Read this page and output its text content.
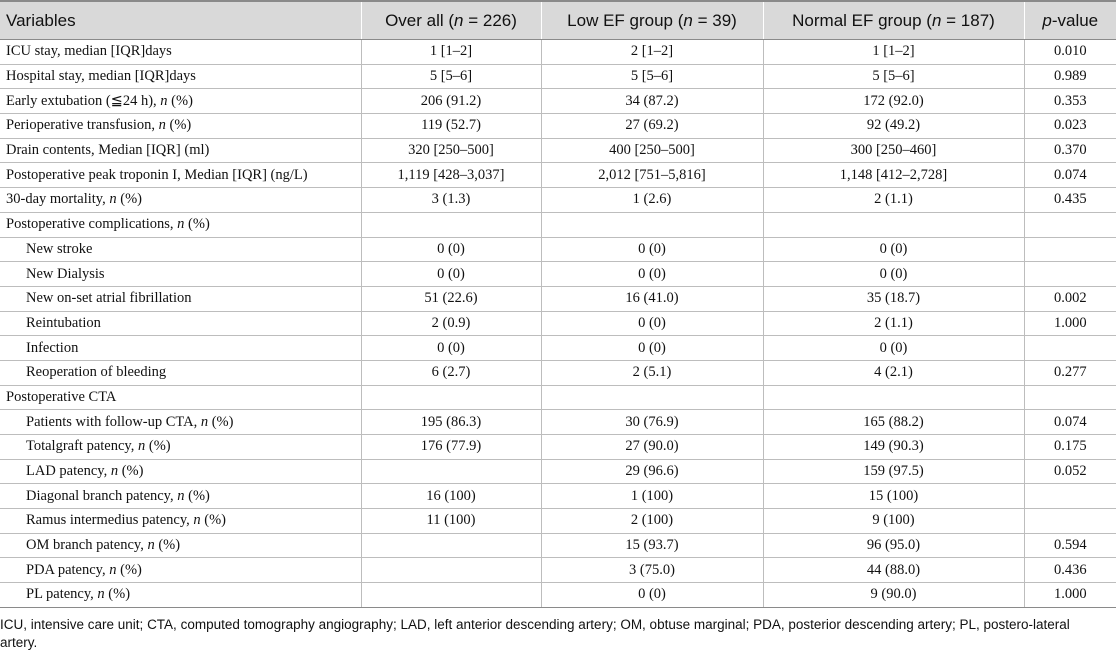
Variables	Over all (n = 226)	Low EF group (n = 39)	Normal EF group (n = 187)	p-value
ICU stay, median [IQR]days	1 [1–2]	2 [1–2]	1 [1–2]	0.010
Hospital stay, median [IQR]days	5 [5–6]	5 [5–6]	5 [5–6]	0.989
Early extubation (≦24 h), n (%)	206 (91.2)	34 (87.2)	172 (92.0)	0.353
Perioperative transfusion, n (%)	119 (52.7)	27 (69.2)	92 (49.2)	0.023
Drain contents, Median [IQR] (ml)	320 [250–500]	400 [250–500]	300 [250–460]	0.370
Postoperative peak troponin I, Median [IQR] (ng/L)	1,119 [428–3,037]	2,012 [751–5,816]	1,148 [412–2,728]	0.074
30-day mortality, n (%)	3 (1.3)	1 (2.6)	2 (1.1)	0.435
Postoperative complications, n (%)				
New stroke	0 (0)	0 (0)	0 (0)	
New Dialysis	0 (0)	0 (0)	0 (0)	
New on-set atrial fibrillation	51 (22.6)	16 (41.0)	35 (18.7)	0.002
Reintubation	2 (0.9)	0 (0)	2 (1.1)	1.000
Infection	0 (0)	0 (0)	0 (0)	
Reoperation of bleeding	6 (2.7)	2 (5.1)	4 (2.1)	0.277
Postoperative CTA				
Patients with follow-up CTA, n (%)	195 (86.3)	30 (76.9)	165 (88.2)	0.074
Totalgraft patency, n (%)	176 (77.9)	27 (90.0)	149 (90.3)	0.175
LAD patency, n (%)		29 (96.6)	159 (97.5)	0.052
Diagonal branch patency, n (%)	16 (100)	1 (100)	15 (100)	
Ramus intermedius patency, n (%)	11 (100)	2 (100)	9 (100)	
OM branch patency, n (%)		15 (93.7)	96 (95.0)	0.594
PDA patency, n (%)		3 (75.0)	44 (88.0)	0.436
PL patency, n (%)		0 (0)	9 (90.0)	1.000
ICU, intensive care unit; CTA, computed tomography angiography; LAD, left anterior descending artery; OM, obtuse marginal; PDA, posterior descending artery; PL, postero-lateral artery.
